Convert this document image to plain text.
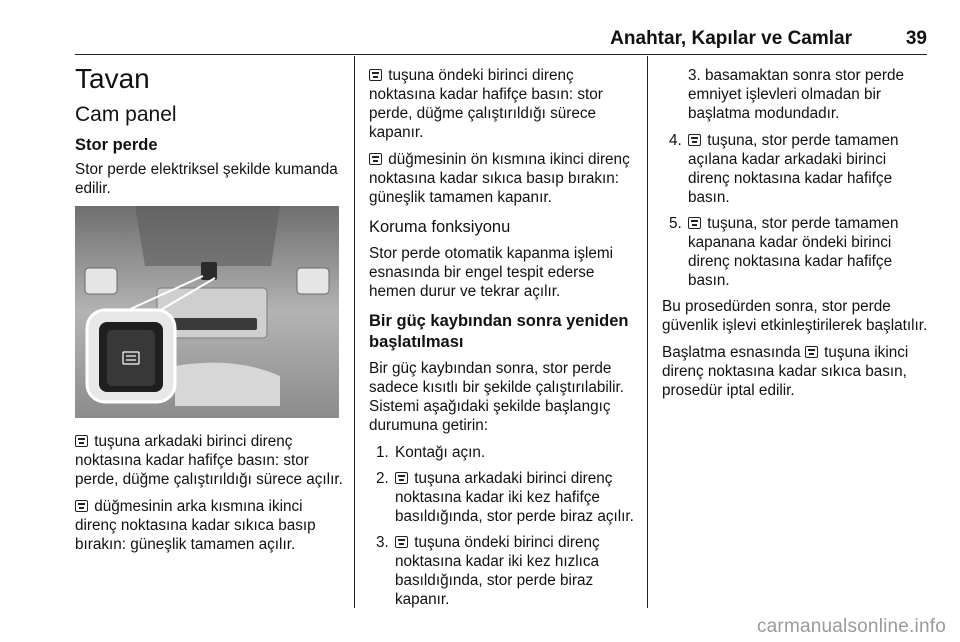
Anahtar, Kapılar ve Camlar	39
Tavan
Cam panel
Stor perde

Stor perde elektriksel şekilde kumanda edilir.

tuşuna arkadaki birinci direnç noktasına kadar hafifçe basın: stor perde, düğme çalıştırıldığı sürece açılır.

düğmesinin arka kısmına ikinci direnç noktasına kadar sıkıca basıp bırakın: güneşlik tamamen açılır.

tuşuna öndeki birinci direnç noktasına kadar hafifçe basın: stor perde, düğme çalıştırıldığı sürece kapanır.

düğmesinin ön kısmına ikinci direnç noktasına kadar sıkıca basıp bırakın: güneşlik tamamen kapanır.

Koruma fonksiyonu

Stor perde otomatik kapanma işlemi esnasında bir engel tespit ederse hemen durur ve tekrar açılır.

Bir güç kaybından sonra yeniden başlatılması

Bir güç kaybından sonra, stor perde sadece kısıtlı bir şekilde çalıştırılabilir. Sistemi aşağıdaki şekilde başlangıç durumuna getirin:

1. Kontağı açın.
2. tuşuna arkadaki birinci direnç noktasına kadar iki kez hafifçe basıldığında, stor perde biraz açılır.
3. tuşuna öndeki birinci direnç noktasına kadar iki kez hızlıca basıldığında, stor perde biraz kapanır.

3. basamaktan sonra stor perde emniyet işlevleri olmadan bir başlatma modundadır.

4. tuşuna, stor perde tamamen açılana kadar arkadaki birinci direnç noktasına kadar hafifçe basın.
5. tuşuna, stor perde tamamen kapanana kadar öndeki birinci direnç noktasına kadar hafifçe basın.

Bu prosedürden sonra, stor perde güvenlik işlevi etkinleştirilerek başlatılır.

Başlatma esnasında tuşuna ikinci direnç noktasına kadar sıkıca basın, prosedür iptal edilir.

carmanualsonline.info
